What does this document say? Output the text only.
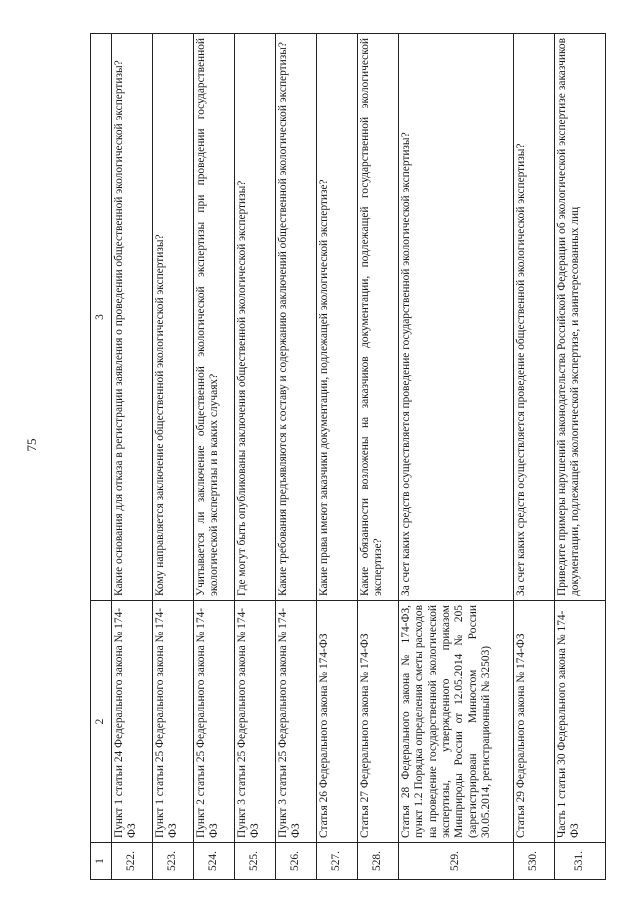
75
1	2	3
522.	Пункт 1 статьи 24 Федерального закона № 174-ФЗ	Какие основания для отказа в регистрации заявления о проведении общественной экологической экспертизы?
523.	Пункт 1 статьи 25 Федерального закона № 174-ФЗ	Кому направляется заключение общественной экологической экспертизы?
524.	Пункт 2 статьи 25 Федерального закона № 174-ФЗ	Учитывается ли заключение общественной экологической экспертизы при проведении государственной экологической экспертизы и в каких случаях?
525.	Пункт 3 статьи 25 Федерального закона № 174-ФЗ	Где могут быть опубликованы заключения общественной экологической экспертизы?
526.	Пункт 3 статьи 25 Федерального закона № 174-ФЗ	Какие требования предъявляются к составу и содержанию заключений общественной экологической экспертизы?
527.	Статья 26 Федерального закона № 174-ФЗ	Какие права имеют заказчики документации, подлежащей экологической экспертизе?
528.	Статья 27 Федерального закона № 174-ФЗ	Какие обязанности возложены на заказчиков документации, подлежащей государственной экологической экспертизе?
529.	Статья 28 Федерального закона № 174-ФЗ, пункт 1.2 Порядка определения сметы расходов на проведение государственной экологической экспертизы, утвержденного приказом Минприроды России от 12.05.2014 № 205 (зарегистрирован Минюстом России 30.05.2014, регистрационный № 32503)	За счет каких средств осуществляется проведение государственной экологической экспертизы?
530.	Статья 29 Федерального закона № 174-ФЗ	За счет каких средств осуществляется проведение общественной экологической экспертизы?
531.	Часть 1 статьи 30 Федерального закона № 174-ФЗ	Приведите примеры нарушений законодательства Российской Федерации об экологической экспертизе заказчиков документации, подлежащей экологической экспертизе, и заинтересованных лиц
